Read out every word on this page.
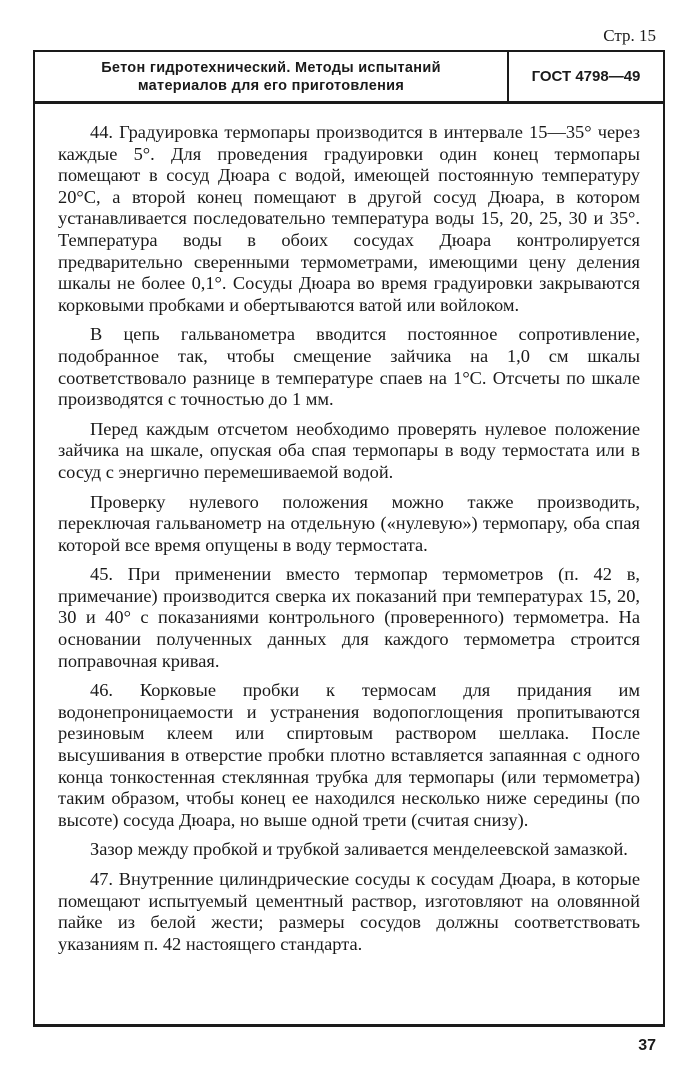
Стр. 15
Бетон гидротехнический. Методы испытаний
материалов для его приготовления
ГОСТ 4798—49

44. Градуировка термопары производится в интервале 15—35° через каждые 5°. Для проведения градуировки один конец термопары помещают в сосуд Дюара с водой, имеющей постоянную температуру 20°С, а второй конец помещают в другой сосуд Дюара, в котором устанавливается последовательно температура воды 15, 20, 25, 30 и 35°. Температура воды в обоих сосудах Дюара контролируется предварительно сверенными термометрами, имеющими цену деления шкалы не более 0,1°. Сосуды Дюара во время градуировки закрываются корковыми пробками и обертываются ватой или войлоком.

В цепь гальванометра вводится постоянное сопротивление, подобранное так, чтобы смещение зайчика на 1,0 см шкалы соответствовало разнице в температуре спаев на 1°С. Отсчеты по шкале производятся с точностью до 1 мм.

Перед каждым отсчетом необходимо проверять нулевое положение зайчика на шкале, опуская оба спая термопары в воду термостата или в сосуд с энергично перемешиваемой водой.

Проверку нулевого положения можно также производить, переключая гальванометр на отдельную («нулевую») термопару, оба спая которой все время опущены в воду термостата.

45. При применении вместо термопар термометров (п. 42 в, примечание) производится сверка их показаний при температурах 15, 20, 30 и 40° с показаниями контрольного (проверенного) термометра. На основании полученных данных для каждого термометра строится поправочная кривая.

46. Корковые пробки к термосам для придания им водонепроницаемости и устранения водопоглощения пропитываются резиновым клеем или спиртовым раствором шеллака. После высушивания в отверстие пробки плотно вставляется запаянная с одного конца тонкостенная стеклянная трубка для термопары (или термометра) таким образом, чтобы конец ее находился несколько ниже середины (по высоте) сосуда Дюара, но выше одной трети (считая снизу).

Зазор между пробкой и трубкой заливается менделеевской замазкой.

47. Внутренние цилиндрические сосуды к сосудам Дюара, в которые помещают испытуемый цементный раствор, изготовляют на оловянной пайке из белой жести; размеры сосудов должны соответствовать указаниям п. 42 настоящего стандарта.

37
